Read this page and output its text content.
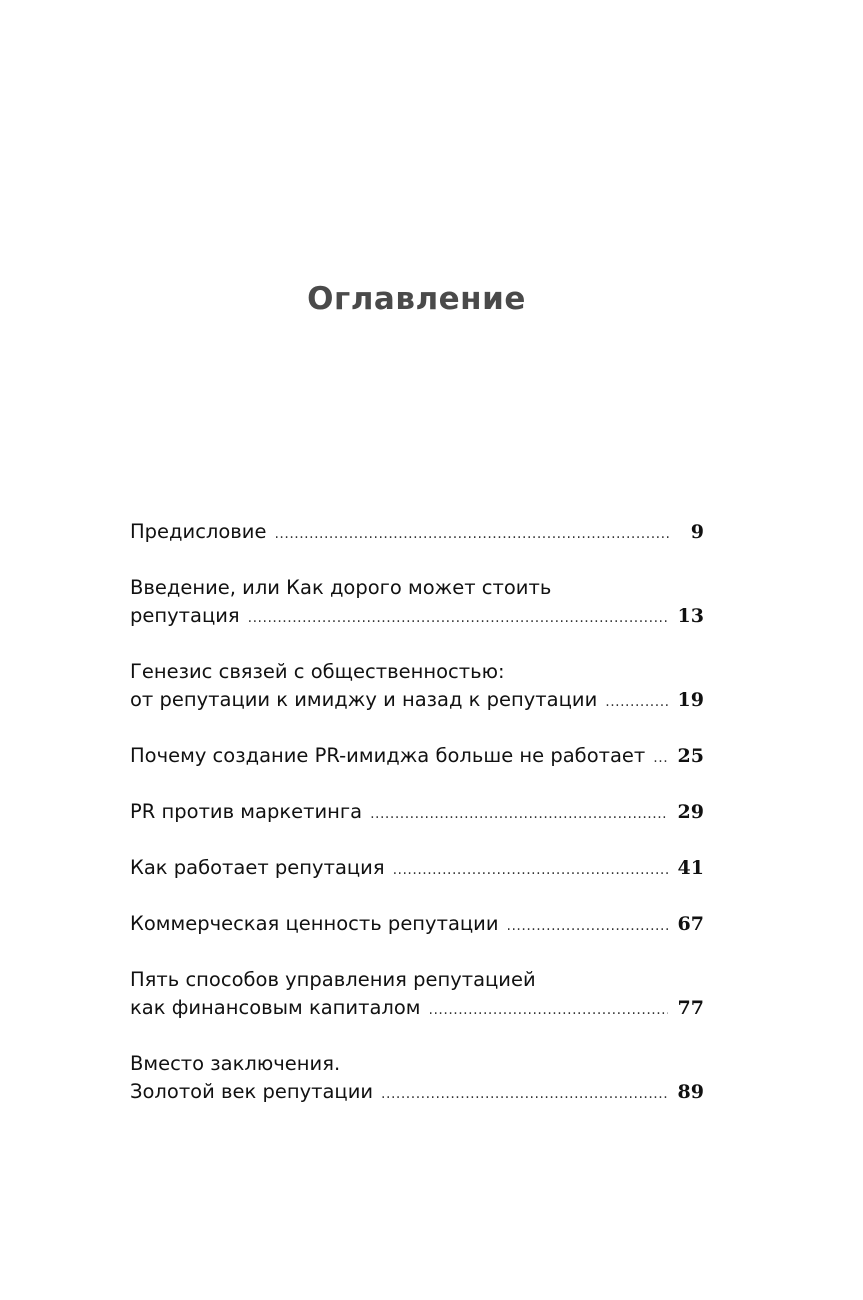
Оглавление
Предисловие .....	9
Введение, или Как дорого может стоить
репутация .....	13
Генезис связей с общественностью:
от репутации к имиджу и назад к репутации .....	19
Почему создание PR-имиджа больше не работает ..... 25
PR против маркетинга .....	29
Как работает репутация .....	41
Коммерческая ценность репутации .....	67
Пять способов управления репутацией
как финансовым капиталом .....	77
Вместо заключения.
Золотой век репутации .....	89
